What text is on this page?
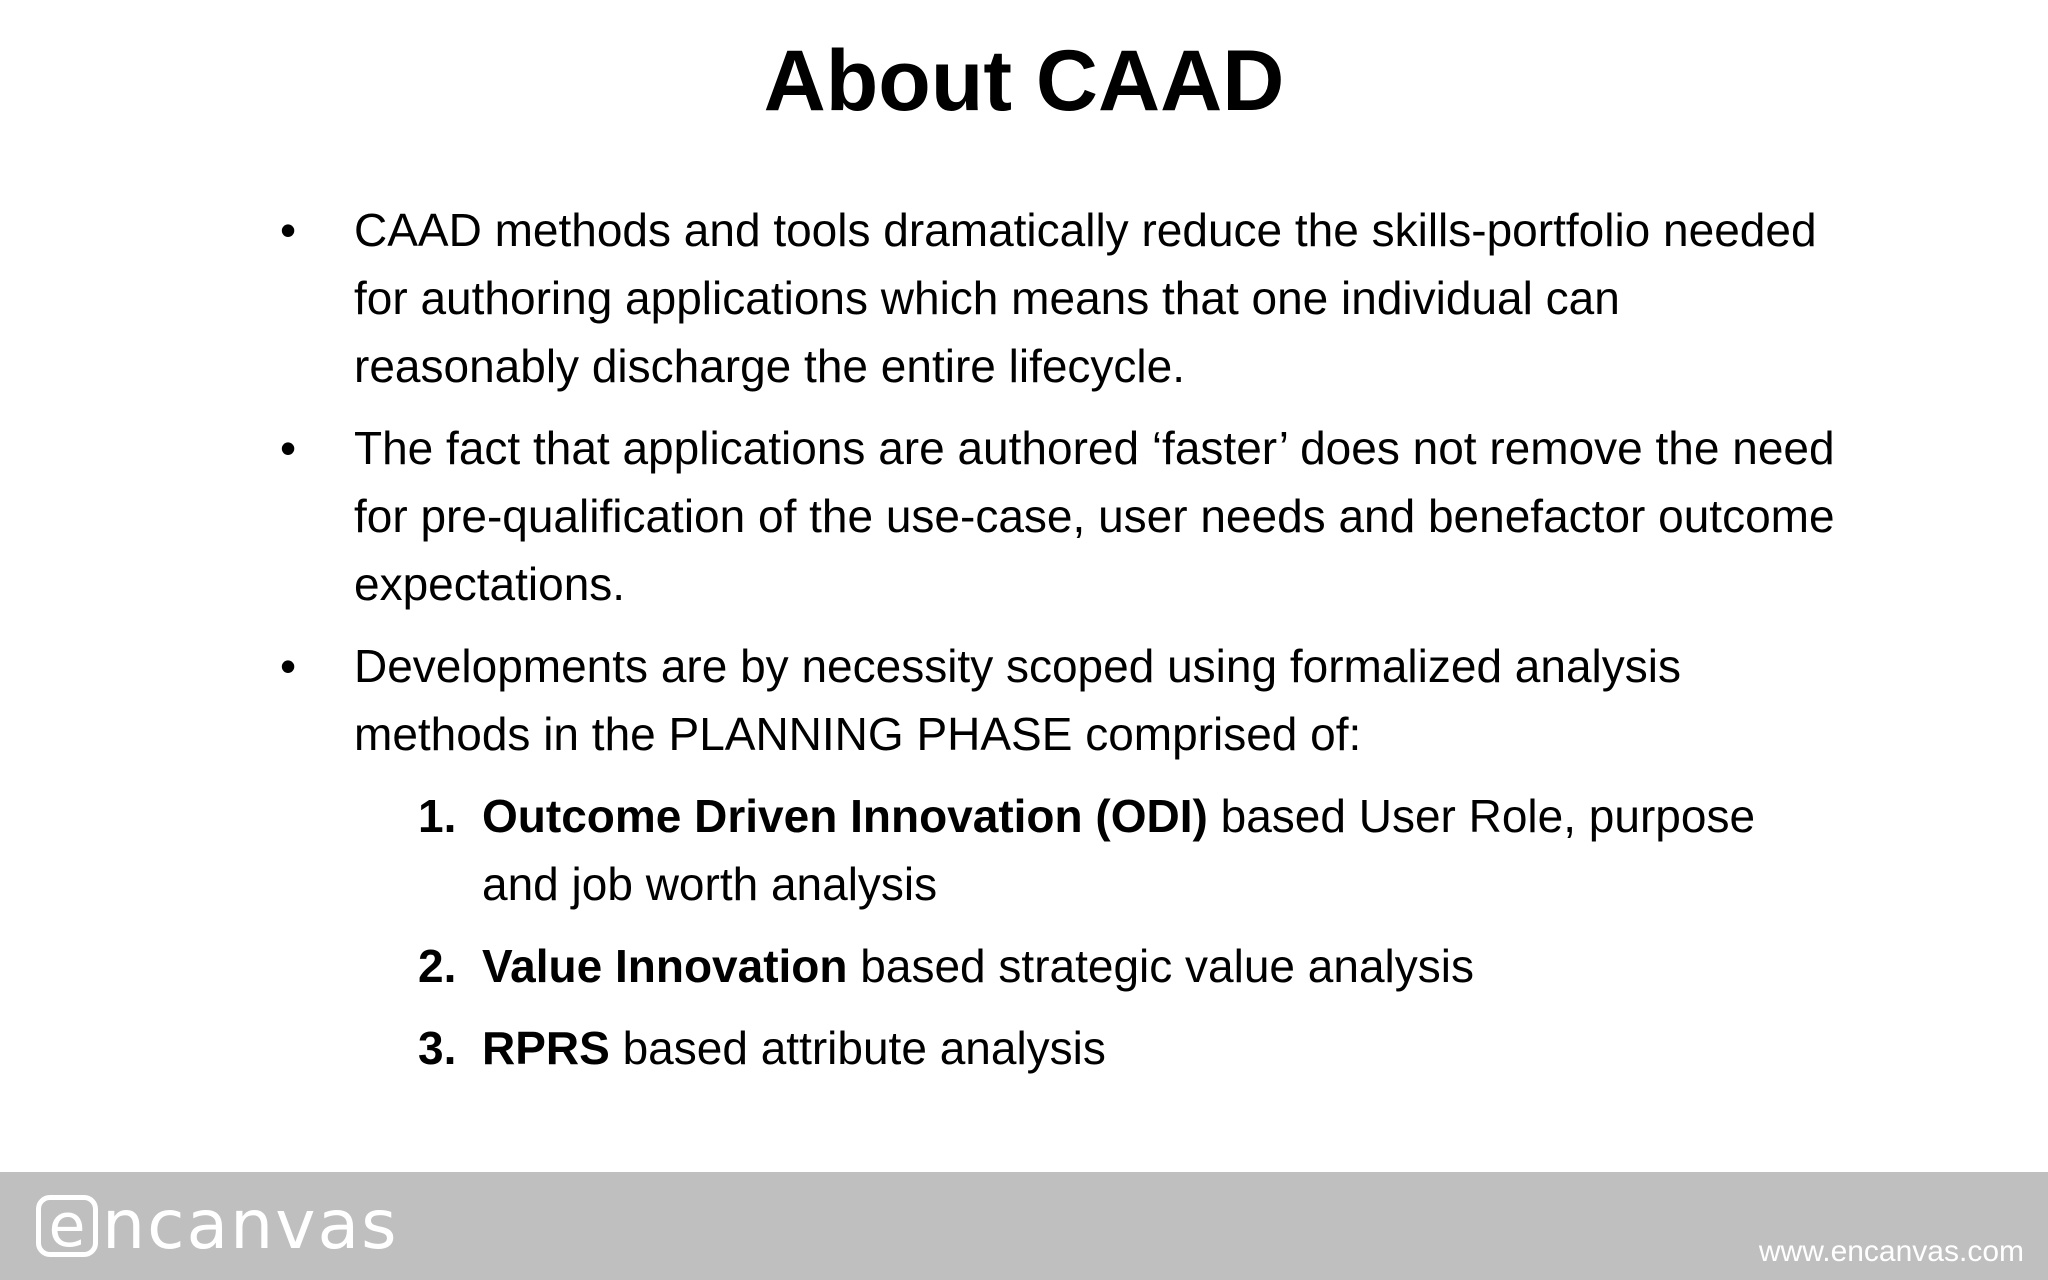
About CAAD
•	CAAD methods and tools dramatically reduce the skills-portfolio needed for authoring applications which means that one individual can reasonably discharge the entire lifecycle.
•	The fact that applications are authored ‘faster’ does not remove the need for pre-qualification of the use-case, user needs and benefactor outcome expectations.
•	Developments are by necessity scoped using formalized analysis methods in the PLANNING PHASE comprised of:
1. Outcome Driven Innovation (ODI) based User Role, purpose and job worth analysis
2. Value Innovation based strategic value analysis
3. RPRS based attribute analysis
e ncanvas	www.encanvas.com
